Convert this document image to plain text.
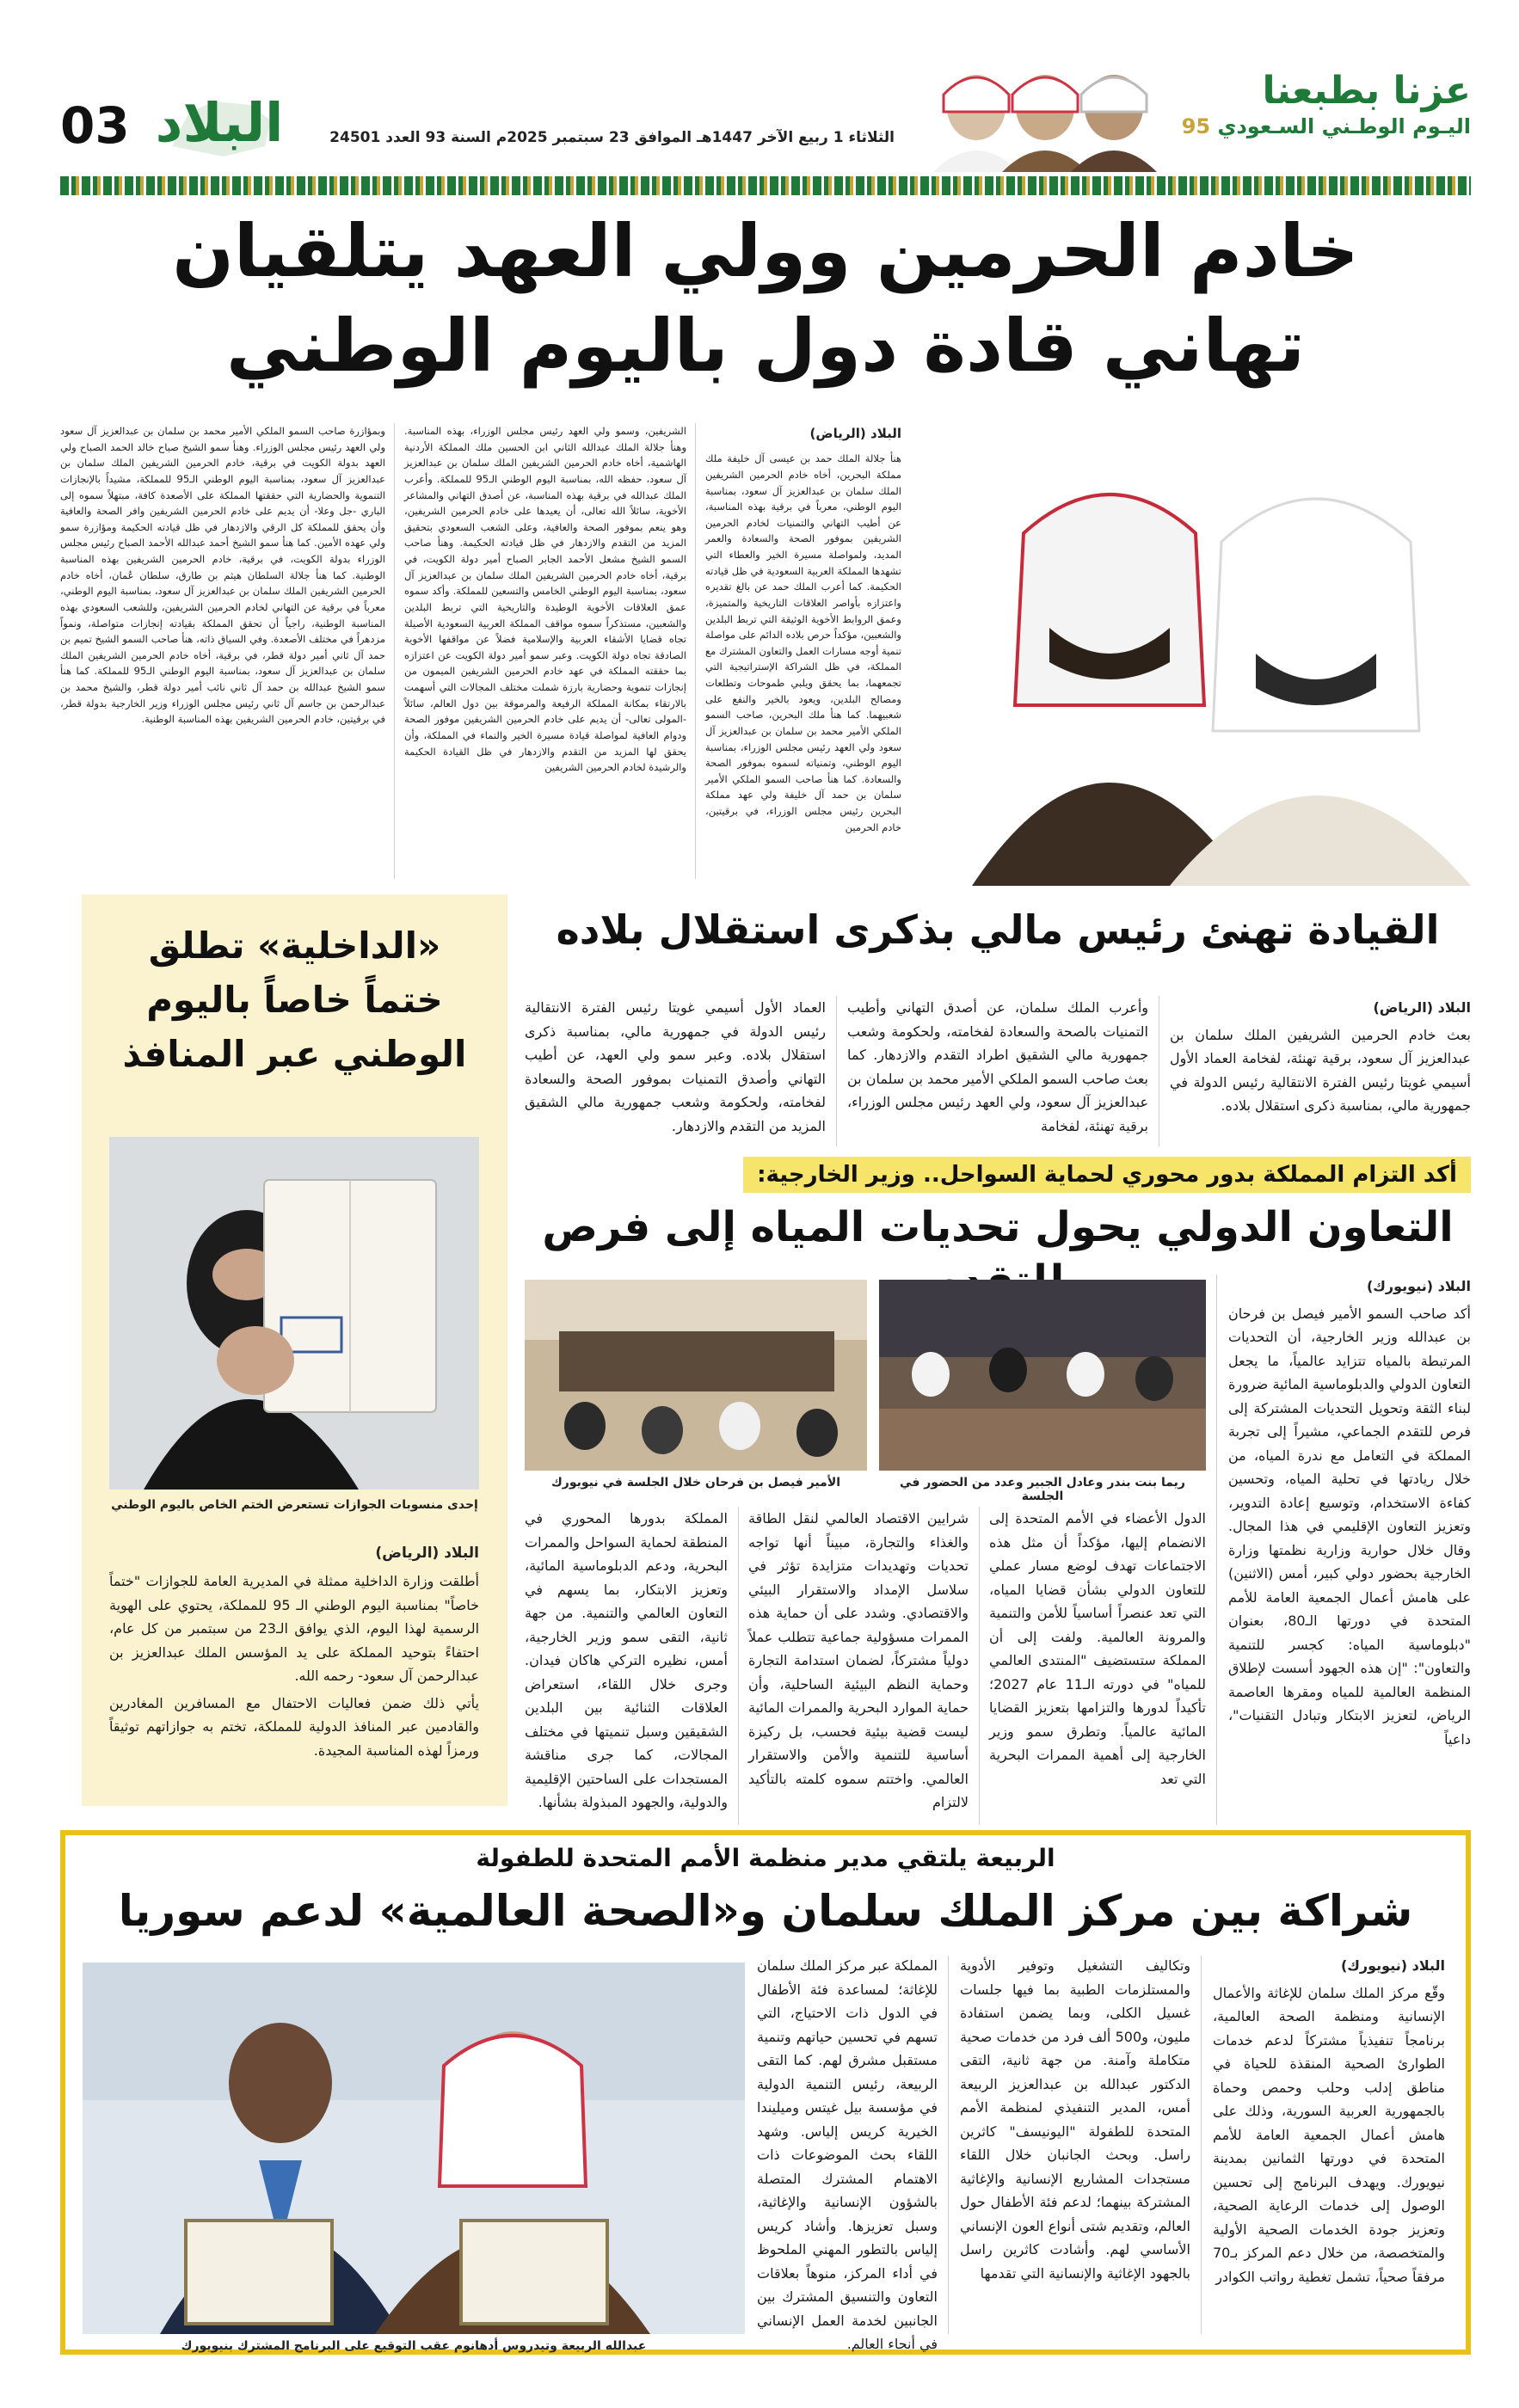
03 البلاد	الثلاثاء 1 ربيع الآخر 1447هـ الموافق 23 سبتمبر 2025م السنة 93 العدد 24501
عزنا بطبعنا
اليـوم الوطـني السـعودي 95
خادم الحرمين وولي العهد يتلقيان
تهاني قادة دول باليوم الوطني

البلاد (الرياض)

هنأ جلالة الملك حمد بن عيسى آل خليفة ملك مملكة البحرين، أخاه خادم الحرمين الشريفين الملك سلمان بن عبدالعزيز آل سعود، بمناسبة اليوم الوطني، معرباً في برقية بهذه المناسبة، عن أطيب التهاني والتمنيات لخادم الحرمين الشريفين بموفور الصحة والسعادة والعمر المديد، ولمواصلة مسيرة الخير والعطاء التي تشهدها المملكة العربية السعودية في ظل قيادته الحكيمة. كما أعرب الملك حمد عن بالغ تقديره واعتزازه بأواصر العلاقات التاريخية والمتميزة، وعمق الروابط الأخوية الوثيقة التي تربط البلدين والشعبين، مؤكداً حرص بلاده الدائم على مواصلة تنمية أوجه مسارات العمل والتعاون المشترك مع المملكة، في ظل الشراكة الإستراتيجية التي تجمعهما، بما يحقق ويلبي طموحات وتطلعات ومصالح البلدين، ويعود بالخير والنفع على شعبيهما. كما هنأ ملك البحرين، صاحب السمو الملكي الأمير محمد بن سلمان بن عبدالعزيز آل سعود ولي العهد رئيس مجلس الوزراء، بمناسبة اليوم الوطني، وتمنياته لسموه بموفور الصحة والسعادة. كما هنأ صاحب السمو الملكي الأمير سلمان بن حمد آل خليفة ولي عهد مملكة البحرين رئيس مجلس الوزراء، في برقيتين، خادم الحرمين

الشريفين، وسمو ولي العهد رئيس مجلس الوزراء، بهذه المناسبة. وهنأ جلالة الملك عبدالله الثاني ابن الحسين ملك المملكة الأردنية الهاشمية، أخاه خادم الحرمين الشريفين الملك سلمان بن عبدالعزيز آل سعود، حفظه الله، بمناسبة اليوم الوطني الـ95 للمملكة. وأعرب الملك عبدالله في برقية بهذه المناسبة، عن أصدق التهاني والمشاعر الأخوية، سائلاً الله تعالى، أن يعيدها على خادم الحرمين الشريفين، وهو ينعم بموفور الصحة والعافية، وعلى الشعب السعودي بتحقيق المزيد من التقدم والازدهار في ظل قيادته الحكيمة. وهنأ صاحب السمو الشيخ مشعل الأحمد الجابر الصباح أمير دولة الكويت، في برقية، أخاه خادم الحرمين الشريفين الملك سلمان بن عبدالعزيز آل سعود، بمناسبة اليوم الوطني الخامس والتسعين للمملكة. وأكد سموه عمق العلاقات الأخوية الوطيدة والتاريخية التي تربط البلدين والشعبين، مستذكراً سموه مواقف المملكة العربية السعودية الأصيلة تجاه قضايا الأشقاء العربية والإسلامية فضلاً عن مواقفها الأخوية الصادقة تجاه دولة الكويت. وعبر سمو أمير دولة الكويت عن اعتزازه بما حققته المملكة في عهد خادم الحرمين الشريفين الميمون من إنجازات تنموية وحضارية بارزة شملت مختلف المجالات التي أسهمت بالارتقاء بمكانة المملكة الرفيعة والمرموقة بين دول العالم، سائلاً -المولى تعالى- أن يديم على خادم الحرمين الشريفين موفور الصحة ودوام العافية لمواصلة قيادة مسيرة الخير والنماء في المملكة، وأن يحقق لها المزيد من التقدم والازدهار في ظل القيادة الحكيمة والرشيدة لخادم الحرمين الشريفين

وبمؤازرة صاحب السمو الملكي الأمير محمد بن سلمان بن عبدالعزيز آل سعود ولي العهد رئيس مجلس الوزراء. وهنأ سمو الشيخ صباح خالد الحمد الصباح ولي العهد بدولة الكويت في برقية، خادم الحرمين الشريفين الملك سلمان بن عبدالعزيز آل سعود، بمناسبة اليوم الوطني الـ95 للمملكة، مشيداً بالإنجازات التنموية والحضارية التي حققتها المملكة على الأصعدة كافة، مبتهلاً سموه إلى الباري -جل وعلا- أن يديم على خادم الحرمين الشريفين وافر الصحة والعافية وأن يحقق للمملكة كل الرقي والازدهار في ظل قيادته الحكيمة ومؤازرة سمو ولي عهده الأمين. كما هنأ سمو الشيخ أحمد عبدالله الأحمد الصباح رئيس مجلس الوزراء بدولة الكويت، في برقية، خادم الحرمين الشريفين بهذه المناسبة الوطنية. كما هنأ جلالة السلطان هيثم بن طارق، سلطان عُمان، أخاه خادم الحرمين الشريفين الملك سلمان بن عبدالعزيز آل سعود، بمناسبة اليوم الوطني، معرباً في برقية عن التهاني لخادم الحرمين الشريفين، وللشعب السعودي بهذه المناسبة الوطنية، راجياً أن تحقق المملكة بقيادته إنجازات متواصلة، ونمواً مزدهراً في مختلف الأصعدة. وفي السياق ذاته، هنأ صاحب السمو الشيخ تميم بن حمد آل ثاني أمير دولة قطر، في برقية، أخاه خادم الحرمين الشريفين الملك سلمان بن عبدالعزيز آل سعود، بمناسبة اليوم الوطني الـ95 للمملكة. كما هنأ سمو الشيخ عبدالله بن حمد آل ثاني نائب أمير دولة قطر، والشيخ محمد بن عبدالرحمن بن جاسم آل ثاني رئيس مجلس الوزراء وزير الخارجية بدولة قطر، في برقيتين، خادم الحرمين الشريفين بهذه المناسبة الوطنية.

«الداخلية» تطلق ختماً خاصاً باليوم الوطني عبر المنافذ
إحدى منسوبات الجوازات تستعرض الختم الخاص باليوم الوطني

البلاد (الرياض)

أطلقت وزارة الداخلية ممثلة في المديرية العامة للجوازات "ختماً خاصاً" بمناسبة اليوم الوطني الـ 95 للمملكة، يحتوي على الهوية الرسمية لهذا اليوم، الذي يوافق الـ23 من سبتمبر من كل عام، احتفاءً بتوحيد المملكة على يد المؤسس الملك عبدالعزيز بن عبدالرحمن آل سعود- رحمه الله.

يأتي ذلك ضمن فعاليات الاحتفال مع المسافرين المغادرين والقادمين عبر المنافذ الدولية للمملكة، تختم به جوازاتهم توثيقاً ورمزاً لهذه المناسبة المجيدة.

القيادة تهنئ رئيس مالي بذكرى استقلال بلاده

البلاد (الرياض)

بعث خادم الحرمين الشريفين الملك سلمان بن عبدالعزيز آل سعود، برقية تهنئة، لفخامة العماد الأول أسيمي غويتا رئيس الفترة الانتقالية رئيس الدولة في جمهورية مالي، بمناسبة ذكرى استقلال بلاده.

وأعرب الملك سلمان، عن أصدق التهاني وأطيب التمنيات بالصحة والسعادة لفخامته، ولحكومة وشعب جمهورية مالي الشقيق اطراد التقدم والازدهار. كما بعث صاحب السمو الملكي الأمير محمد بن سلمان بن عبدالعزيز آل سعود، ولي العهد رئيس مجلس الوزراء، برقية تهنئة، لفخامة

العماد الأول أسيمي غويتا رئيس الفترة الانتقالية رئيس الدولة في جمهورية مالي، بمناسبة ذكرى استقلال بلاده. وعبر سمو ولي العهد، عن أطيب التهاني وأصدق التمنيات بموفور الصحة والسعادة لفخامته، ولحكومة وشعب جمهورية مالي الشقيق المزيد من التقدم والازدهار.

أكد التزام المملكة بدور محوري لحماية السواحل.. وزير الخارجية:
التعاون الدولي يحول تحديات المياه إلى فرص

البلاد (نيويورك)

أكد صاحب السمو الأمير فيصل بن فرحان بن عبدالله وزير الخارجية، أن التحديات المرتبطة بالمياه تتزايد عالمياً، ما يجعل التعاون الدولي والدبلوماسية المائية ضرورة لبناء الثقة وتحويل التحديات المشتركة إلى فرص للتقدم الجماعي، مشيراً إلى تجربة المملكة في التعامل مع ندرة المياه، من خلال ريادتها في تحلية المياه، وتحسين كفاءة الاستخدام، وتوسيع إعادة التدوير، وتعزيز التعاون الإقليمي في هذا المجال. وقال خلال حوارية وزارية نظمتها وزارة الخارجية بحضور دولي كبير، أمس (الاثنين) على هامش أعمال الجمعية العامة للأمم المتحدة في دورتها الـ80، بعنوان "دبلوماسية المياه: كجسر للتنمية والتعاون": "إن هذه الجهود أسست لإطلاق المنظمة العالمية للمياه ومقرها العاصمة الرياض، لتعزيز الابتكار وتبادل التقنيات"، داعياً

ريما بنت بندر وعادل الجبير وعدد من الحضور في الجلسة
الأمير فيصل بن فرحان خلال الجلسة في نيويورك

الدول الأعضاء في الأمم المتحدة إلى الانضمام إليها، مؤكداً أن مثل هذه الاجتماعات تهدف لوضع مسار عملي للتعاون الدولي بشأن قضايا المياه، التي تعد عنصراً أساسياً للأمن والتنمية والمرونة العالمية. ولفت إلى أن المملكة ستستضيف "المنتدى العالمي للمياه" في دورته الـ11 عام 2027؛ تأكيداً لدورها والتزامها بتعزيز القضايا المائية عالمياً. وتطرق سمو وزير الخارجية إلى أهمية الممرات البحرية التي تعد

شرايين الاقتصاد العالمي لنقل الطاقة والغذاء والتجارة، مبيناً أنها تواجه تحديات وتهديدات متزايدة تؤثر في سلاسل الإمداد والاستقرار البيئي والاقتصادي. وشدد على أن حماية هذه الممرات مسؤولية جماعية تتطلب عملاً دولياً مشتركاً، لضمان استدامة التجارة وحماية النظم البيئية الساحلية، وأن حماية الموارد البحرية والممرات المائية ليست قضية بيئية فحسب، بل ركيزة أساسية للتنمية والأمن والاستقرار العالمي. واختتم سموه كلمته بالتأكيد لالتزام

المملكة بدورها المحوري في المنطقة لحماية السواحل والممرات البحرية، ودعم الدبلوماسية المائية، وتعزيز الابتكار، بما يسهم في التعاون العالمي والتنمية. من جهة ثانية، التقى سمو وزير الخارجية، أمس، نظيره التركي هاكان فيدان. وجرى خلال اللقاء، استعراض العلاقات الثنائية بين البلدين الشقيقين وسبل تنميتها في مختلف المجالات، كما جرى مناقشة المستجدات على الساحتين الإقليمية والدولية، والجهود المبذولة بشأنها.

الربيعة يلتقي مدير منظمة الأمم المتحدة للطفولة
شراكة بين مركز الملك سلمان و«الصحة العالمية» لدعم سوريا

البلاد (نيويورك)

وقّع مركز الملك سلمان للإغاثة والأعمال الإنسانية ومنظمة الصحة العالمية، برنامجاً تنفيذياً مشتركاً لدعم خدمات الطوارئ الصحية المنقذة للحياة في مناطق إدلب وحلب وحمص وحماة بالجمهورية العربية السورية، وذلك على هامش أعمال الجمعية العامة للأمم المتحدة في دورتها الثمانين بمدينة نيويورك. ويهدف البرنامج إلى تحسين الوصول إلى خدمات الرعاية الصحية، وتعزيز جودة الخدمات الصحية الأولية والمتخصصة، من خلال دعم المركز بـ70 مرفقاً صحياً، تشمل تغطية رواتب الكوادر

وتكاليف التشغيل وتوفير الأدوية والمستلزمات الطبية بما فيها جلسات غسيل الكلى، وبما يضمن استفادة مليون، و500 ألف فرد من خدمات صحية متكاملة وآمنة. من جهة ثانية، التقى الدكتور عبدالله بن عبدالعزيز الربيعة أمس، المدير التنفيذي لمنظمة الأمم المتحدة للطفولة "اليونيسف" كاثرين راسل. وبحث الجانبان خلال اللقاء مستجدات المشاريع الإنسانية والإغاثية المشتركة بينهما؛ لدعم فئة الأطفال حول العالم، وتقديم شتى أنواع العون الإنساني الأساسي لهم. وأشادت كاثرين راسل بالجهود الإغاثية والإنسانية التي تقدمها

المملكة عبر مركز الملك سلمان للإغاثة؛ لمساعدة فئة الأطفال في الدول ذات الاحتياج، التي تسهم في تحسين حياتهم وتنمية مستقبل مشرق لهم. كما التقى الربيعة، رئيس التنمية الدولية في مؤسسة بيل غيتس وميليندا الخيرية كريس إلياس. وشهد اللقاء بحث الموضوعات ذات الاهتمام المشترك المتصلة بالشؤون الإنسانية والإغاثية، وسبل تعزيزها. وأشاد كريس إلياس بالتطور المهني الملحوظ في أداء المركز، منوهاً بعلاقات التعاون والتنسيق المشترك بين الجانبين لخدمة العمل الإنساني في أنحاء العالم.

عبدالله الربيعة وتيدروس أدهانوم عقب التوقيع على البرنامج المشترك بنيويورك
